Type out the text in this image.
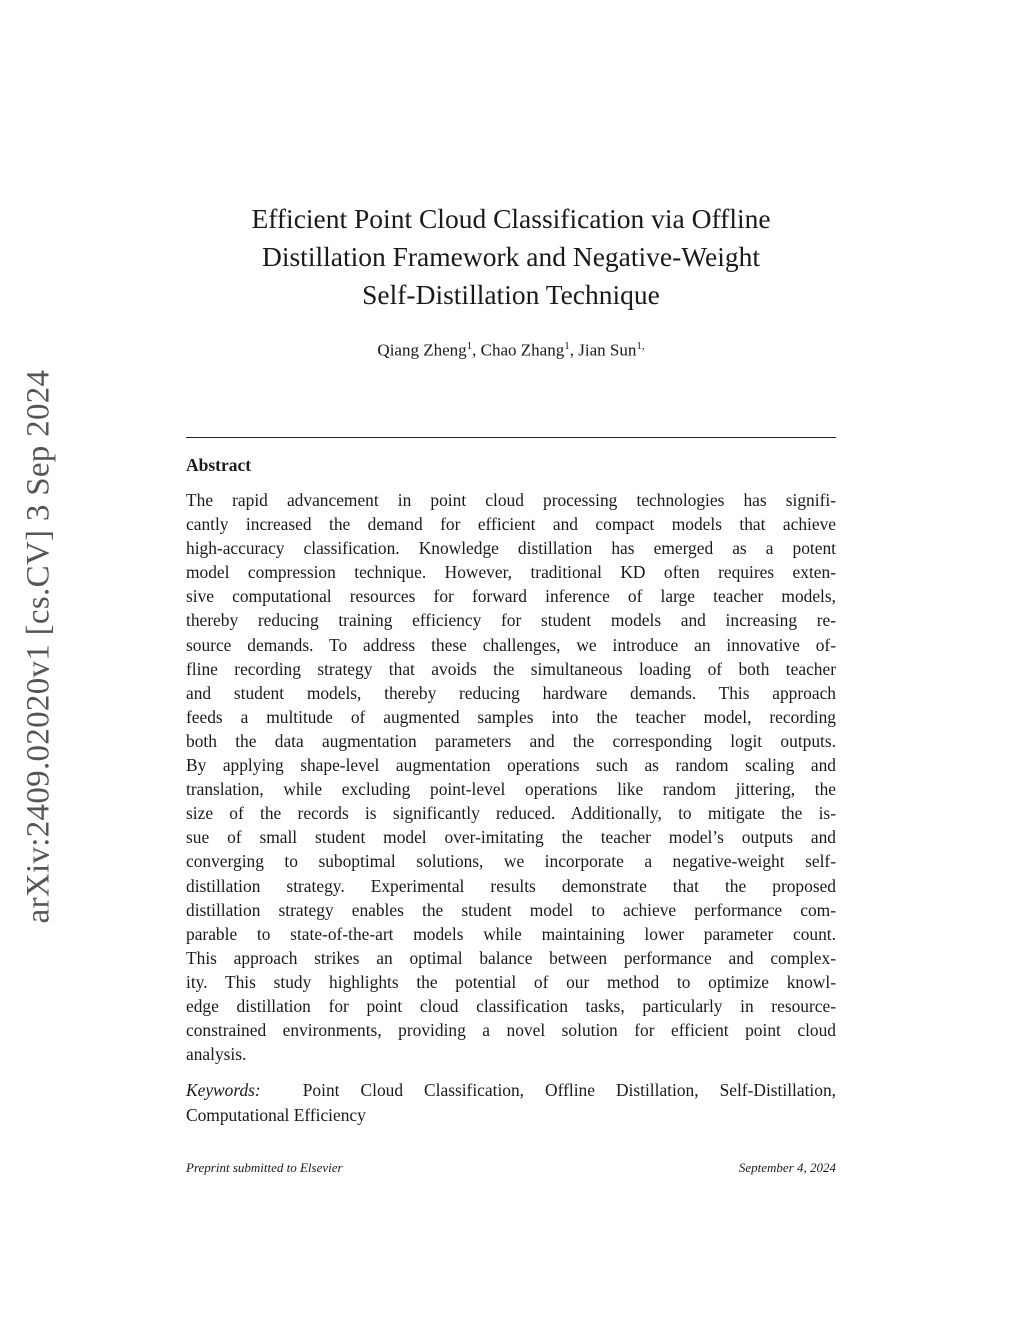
arXiv:2409.02020v1 [cs.CV] 3 Sep 2024
Efficient Point Cloud Classification via Offline
Distillation Framework and Negative-Weight
Self-Distillation Technique
Qiang Zheng$^1$, Chao Zhang$^1$, Jian Sun$^{1,}$
Abstract
The rapid advancement in point cloud processing technologies has signifi-
cantly increased the demand for efficient and compact models that achieve
high-accuracy classification. Knowledge distillation has emerged as a potent
model compression technique. However, traditional KD often requires exten-
sive computational resources for forward inference of large teacher models,
thereby reducing training efficiency for student models and increasing re-
source demands. To address these challenges, we introduce an innovative of-
fline recording strategy that avoids the simultaneous loading of both teacher
and student models, thereby reducing hardware demands. This approach
feeds a multitude of augmented samples into the teacher model, recording
both the data augmentation parameters and the corresponding logit outputs.
By applying shape-level augmentation operations such as random scaling and
translation, while excluding point-level operations like random jittering, the
size of the records is significantly reduced. Additionally, to mitigate the is-
sue of small student model over-imitating the teacher model’s outputs and
converging to suboptimal solutions, we incorporate a negative-weight self-
distillation strategy. Experimental results demonstrate that the proposed
distillation strategy enables the student model to achieve performance com-
parable to state-of-the-art models while maintaining lower parameter count.
This approach strikes an optimal balance between performance and complex-
ity. This study highlights the potential of our method to optimize knowl-
edge distillation for point cloud classification tasks, particularly in resource-
constrained environments, providing a novel solution for efficient point cloud
analysis.
Keywords: Point Cloud Classification, Offline Distillation, Self-Distillation,
Computational Efficiency
Preprint submitted to Elsevier	September 4, 2024
